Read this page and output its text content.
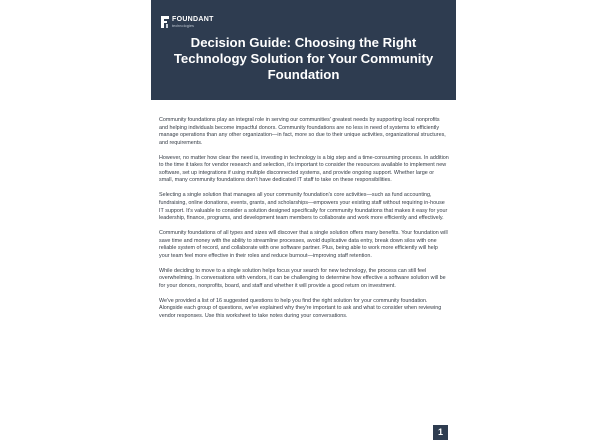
FOUNDANT
technologies
Decision Guide: Choosing the Right Technology Solution for Your Community Foundation

Community foundations play an integral role in serving our communities' greatest needs by supporting local nonprofits and helping individuals become impactful donors. Community foundations are no less in need of systems to efficiently manage operations than any other organization—in fact, more so due to their unique activities, organizational structures, and requirements.

However, no matter how clear the need is, investing in technology is a big step and a time-consuming process. In addition to the time it takes for vendor research and selection, it's important to consider the resources available to implement new software, set up integrations if using multiple disconnected systems, and provide ongoing support. Whether large or small, many community foundations don't have dedicated IT staff to take on these responsibilities.

Selecting a single solution that manages all your community foundation's core activities—such as fund accounting, fundraising, online donations, events, grants, and scholarships—empowers your existing staff without requiring in-house IT support. It's valuable to consider a solution designed specifically for community foundations that makes it easy for your leadership, finance, programs, and development team members to collaborate and work more efficiently and effectively.

Community foundations of all types and sizes will discover that a single solution offers many benefits. Your foundation will save time and money with the ability to streamline processes, avoid duplicative data entry, break down silos with one reliable system of record, and collaborate with one software partner. Plus, being able to work more efficiently will help your team feel more effective in their roles and reduce burnout—improving staff retention.

While deciding to move to a single solution helps focus your search for new technology, the process can still feel overwhelming. In conversations with vendors, it can be challenging to determine how effective a software solution will be for your donors, nonprofits, board, and staff and whether it will provide a good return on investment.

We've provided a list of 16 suggested questions to help you find the right solution for your community foundation. Alongside each group of questions, we've explained why they're important to ask and what to consider when reviewing vendor responses. Use this worksheet to take notes during your conversations.

1
